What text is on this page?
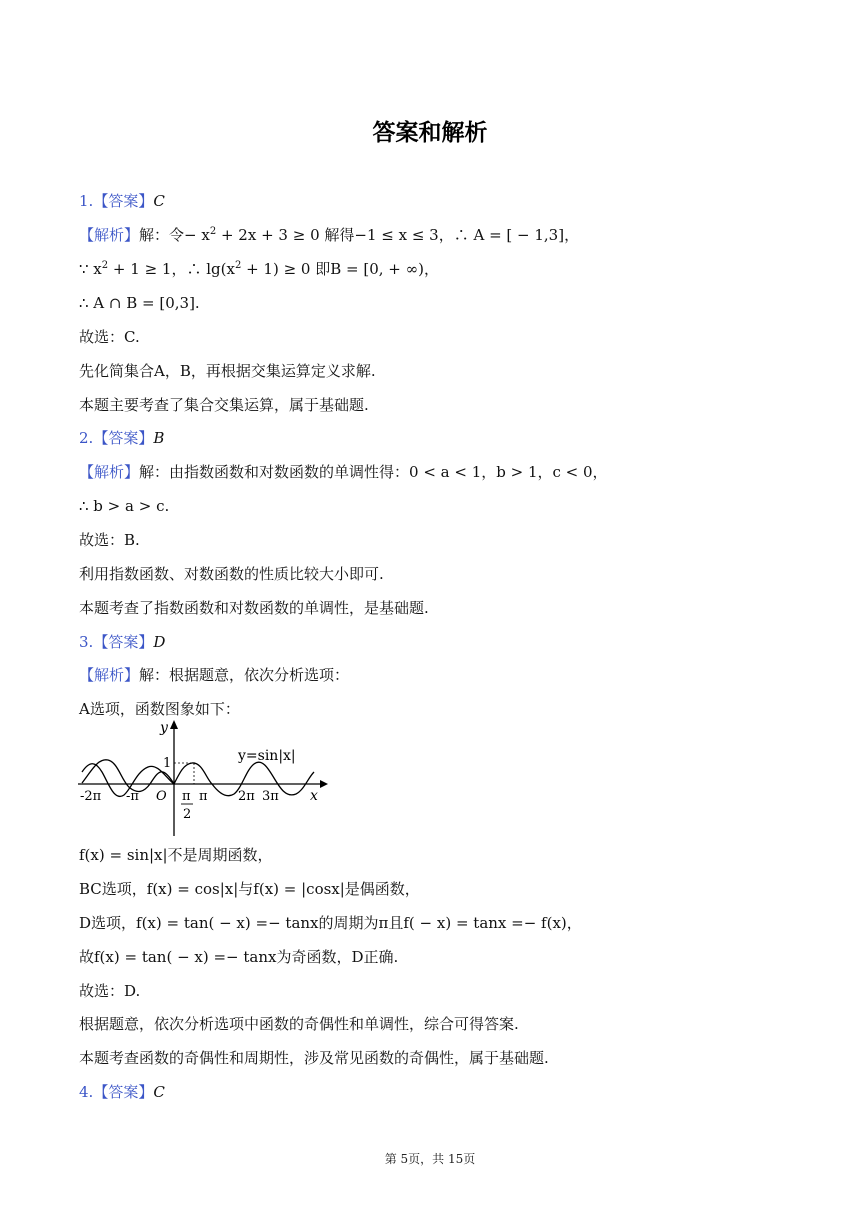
答案和解析
1.【答案】C
【解析】解：令− $x^2 + 2x + 3 \ge 0$ 解得−1 ≤ x ≤ 3，∴ A = [ − 1,3]，
∵ $x^2 + 1 \ge 1$，∴ $\lg(x^2 + 1) \ge 0$ 即B = [0, + ∞)，
∴ A ∩ B = [0,3].
故选：C.
先化简集合A，B，再根据交集运算定义求解.
本题主要考查了集合交集运算，属于基础题.
2.【答案】B
【解析】解：由指数函数和对数函数的单调性得：0 < a < 1，b > 1，c < 0，
∴ b > a > c.
故选：B.
利用指数函数、对数函数的性质比较大小即可.
本题考查了指数函数和对数函数的单调性，是基础题.
3.【答案】D
【解析】解：根据题意，依次分析选项：
A选项，函数图象如下：
y
x
y=sin|x|
1
O
-2π -π	π 2π 3π
π
2
f(x) = sin|x|不是周期函数，
BC选项，f(x) = cos|x|与f(x) = |cosx|是偶函数，
D选项，f(x) = tan( − x) =− tanx的周期为π且f( − x) = tanx =− f(x)，
故f(x) = tan( − x) =− tanx为奇函数，D正确.
故选：D.
根据题意，依次分析选项中函数的奇偶性和单调性，综合可得答案.
本题考查函数的奇偶性和周期性，涉及常见函数的奇偶性，属于基础题.
4.【答案】C
第 5页，共 15页
